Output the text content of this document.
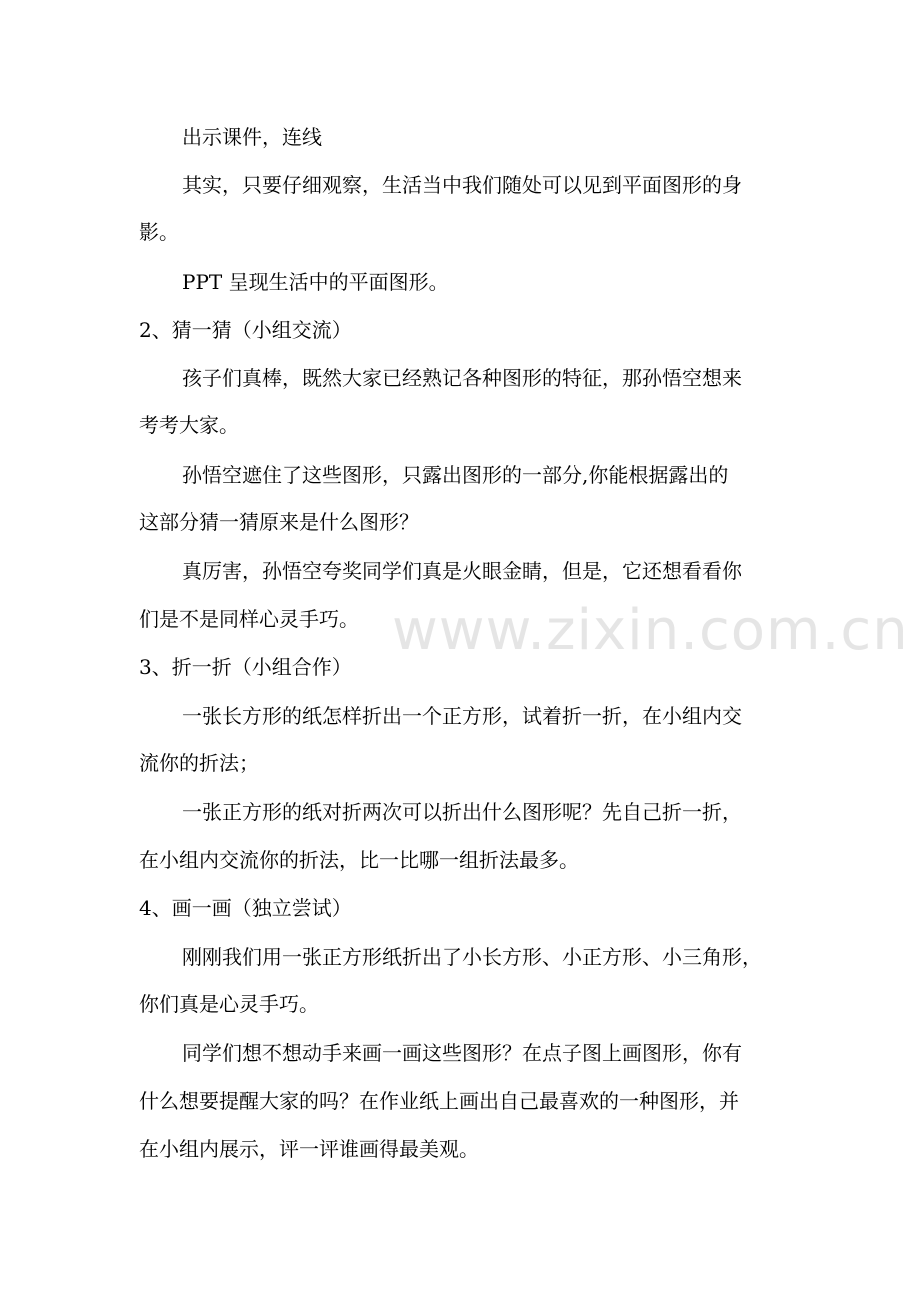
出示课件，连线
其实，只要仔细观察，生活当中我们随处可以见到平面图形的身
影。
PPT 呈现生活中的平面图形。
2、猜一猜（小组交流）
孩子们真棒，既然大家已经熟记各种图形的特征，那孙悟空想来
考考大家。
孙悟空遮住了这些图形，只露出图形的一部分,你能根据露出的
这部分猜一猜原来是什么图形？
真厉害，孙悟空夸奖同学们真是火眼金睛，但是，它还想看看你
们是不是同样心灵手巧。
3、折一折（小组合作）
一张长方形的纸怎样折出一个正方形，试着折一折，在小组内交
流你的折法；
一张正方形的纸对折两次可以折出什么图形呢？先自己折一折，
在小组内交流你的折法，比一比哪一组折法最多。
4、画一画（独立尝试）
刚刚我们用一张正方形纸折出了小长方形、小正方形、小三角形，
你们真是心灵手巧。
同学们想不想动手来画一画这些图形？在点子图上画图形，你有
什么想要提醒大家的吗？在作业纸上画出自己最喜欢的一种图形，并
在小组内展示，评一评谁画得最美观。
www.zixin.com.cn
